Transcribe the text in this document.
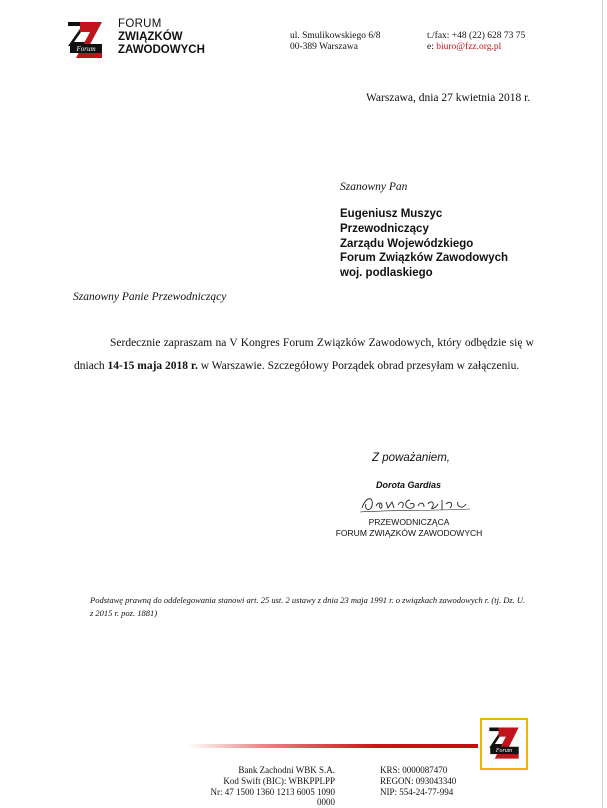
Forum
FORUM
ZWIĄZKÓW
ZAWODOWYCH
ul. Smulikowskiego 6/8
00-389 Warszawa
t./fax: +48 (22) 628 73 75
e: biuro@fzz.org.pl
Warszawa, dnia 27 kwietnia 2018 r.
Szanowny Pan
Eugeniusz Muszyc
Przewodniczący
Zarządu Wojewódzkiego
Forum Związków Zawodowych
woj. podlaskiego
Szanowny Panie Przewodniczący
Serdecznie zapraszam na V Kongres Forum Związków Zawodowych, który odbędzie się w dniach 14-15 maja 2018 r. w Warszawie. Szczegółowy Porządek obrad przesyłam w załączeniu.
Z poważaniem,
Dorota Gardias
PRZEWODNICZĄCA
FORUM ZWIĄZKÓW ZAWODOWYCH
Podstawę prawną do oddelegowania stanowi art. 25 ust. 2 ustawy z dnia 23 maja 1991 r. o związkach zawodowych r. (tj. Dz. U. z 2015 r. poz. 1881)
Forum
Bank Zachodni WBK S.A.
Kod Swift (BIC): WBKPPLPP
Nr: 47 1500 1360 1213 6005 1090 0000
KRS: 0000087470
REGON: 093043340
NIP: 554-24-77-994
